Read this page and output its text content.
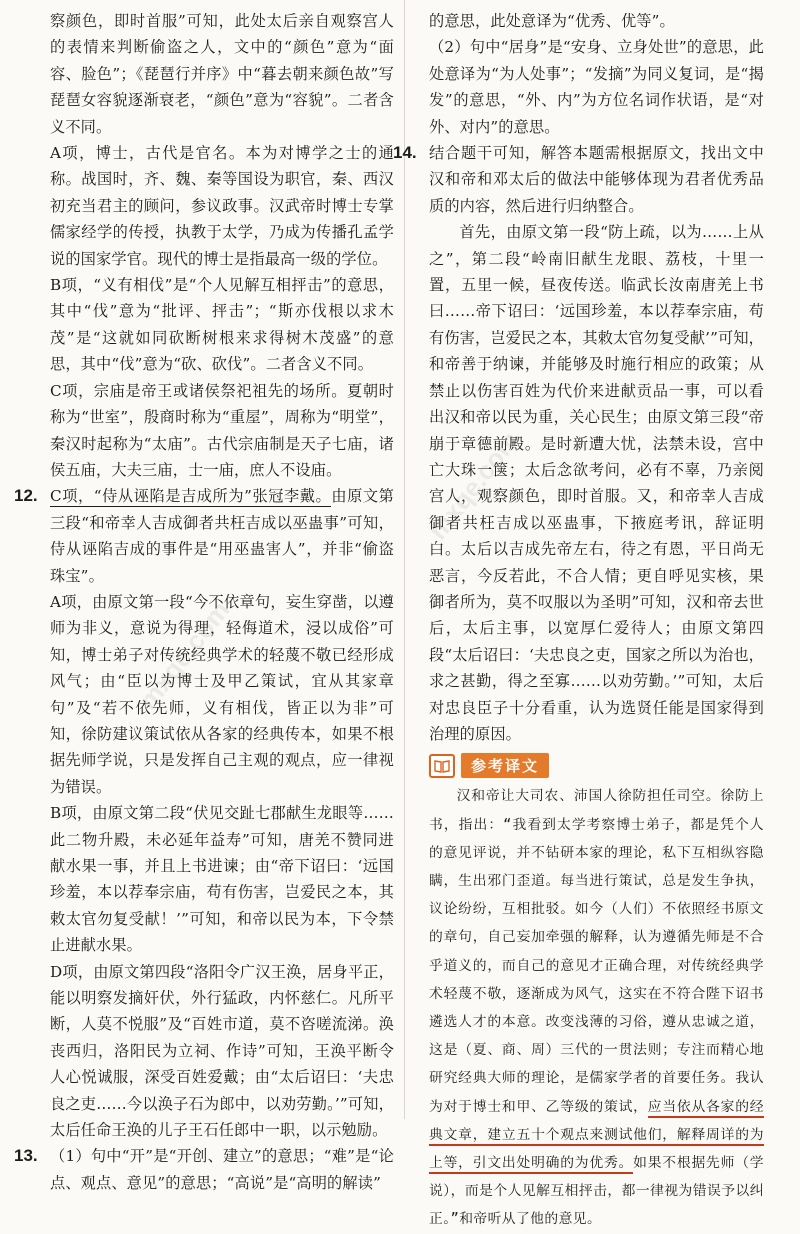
mxqe.com
mxqe.com

察颜色，即时首服”可知，此处太后亲自观察宫人的表情来判断偷盗之人，文中的“颜色”意为“面容、脸色”；《琵琶行并序》中“暮去朝来颜色故”写琵琶女容貌逐渐衰老，“颜色”意为“容貌”。二者含义不同。

A项，博士，古代是官名。本为对博学之士的通称。战国时，齐、魏、秦等国设为职官，秦、西汉初充当君主的顾问，参议政事。汉武帝时博士专掌儒家经学的传授，执教于太学，乃成为传播孔孟学说的国家学官。现代的博士是指最高一级的学位。

B项，“义有相伐”是“个人见解互相抨击”的意思，其中“伐”意为“批评、抨击”；“斯亦伐根以求木茂”是“这就如同砍断树根来求得树木茂盛”的意思，其中“伐”意为“砍、砍伐”。二者含义不同。

C项，宗庙是帝王或诸侯祭祀祖先的场所。夏朝时称为“世室”，殷商时称为“重屋”，周称为“明堂”，秦汉时起称为“太庙”。古代宗庙制是天子七庙，诸侯五庙，大夫三庙，士一庙，庶人不设庙。

12. C项，“侍从诬陷是吉成所为”张冠李戴。由原文第三段“和帝幸人吉成御者共枉吉成以巫蛊事”可知，侍从诬陷吉成的事件是“用巫蛊害人”，并非“偷盗珠宝”。

A项，由原文第一段“今不依章句，妄生穿凿，以遵师为非义，意说为得理，轻侮道术，浸以成俗”可知，博士弟子对传统经典学术的轻蔑不敬已经形成风气；由“臣以为博士及甲乙策试，宜从其家章句”及“若不依先师，义有相伐，皆正以为非”可知，徐防建议策试依从各家的经典传本，如果不根据先师学说，只是发挥自己主观的观点，应一律视为错误。

B项，由原文第二段“伏见交趾七郡献生龙眼等……此二物升殿，未必延年益寿”可知，唐羌不赞同进献水果一事，并且上书进谏；由“帝下诏曰：‘远国珍羞，本以荐奉宗庙，苟有伤害，岂爱民之本，其敕太官勿复受献！’”可知，和帝以民为本，下令禁止进献水果。

D项，由原文第四段“洛阳令广汉王涣，居身平正，能以明察发摘奸伏，外行猛政，内怀慈仁。凡所平断，人莫不悦服”及“百姓市道，莫不咨嗟流涕。涣丧西归，洛阳民为立祠、作诗”可知，王涣平断令人心悦诚服，深受百姓爱戴；由“太后诏曰：‘夫忠良之吏……今以涣子石为郎中，以劝劳勤。’”可知，太后任命王涣的儿子王石任郎中一职，以示勉励。

13. （1）句中“开”是“开创、建立”的意思；“难”是“论点、观点、意见”的意思；“高说”是“高明的解读”

的意思，此处意译为“优秀、优等”。

（2）句中“居身”是“安身、立身处世”的意思，此处意译为“为人处事”；“发摘”为同义复词，是“揭发”的意思，“外、内”为方位名词作状语，是“对外、对内”的意思。

14. 结合题干可知，解答本题需根据原文，找出文中汉和帝和邓太后的做法中能够体现为君者优秀品质的内容，然后进行归纳整合。

首先，由原文第一段“防上疏，以为……上从之”，第二段“岭南旧献生龙眼、荔枝，十里一置，五里一候，昼夜传送。临武长汝南唐羌上书曰……帝下诏曰：‘远国珍羞，本以荐奉宗庙，苟有伤害，岂爱民之本，其敕太官勿复受献’”可知，和帝善于纳谏，并能够及时施行相应的政策；从禁止以伤害百姓为代价来进献贡品一事，可以看出汉和帝以民为重，关心民生；由原文第三段“帝崩于章德前殿。是时新遭大忧，法禁未设，宫中亡大珠一箧；太后念欲考问，必有不辜，乃亲阅宫人，观察颜色，即时首服。又，和帝幸人吉成御者共枉吉成以巫蛊事，下掖庭考讯，辞证明白。太后以吉成先帝左右，待之有恩，平日尚无恶言，今反若此，不合人情；更自呼见实核，果御者所为，莫不叹服以为圣明”可知，汉和帝去世后，太后主事，以宽厚仁爱待人；由原文第四段“太后诏曰：‘夫忠良之吏，国家之所以为治也，求之甚勤，得之至寡……以劝劳勤。’”可知，太后对忠良臣子十分看重，认为选贤任能是国家得到治理的原因。

参考译文

汉和帝让大司农、沛国人徐防担任司空。徐防上书，指出：“我看到太学考察博士弟子，都是凭个人的意见评说，并不钻研本家的理论，私下互相纵容隐瞒，生出邪门歪道。每当进行策试，总是发生争执，议论纷纷，互相批驳。如今（人们）不依照经书原文的章句，自己妄加牵强的解释，认为遵循先师是不合乎道义的，而自己的意见才正确合理，对传统经典学术轻蔑不敬，逐渐成为风气，这实在不符合陛下诏书遴选人才的本意。改变浅薄的习俗，遵从忠诚之道，这是（夏、商、周）三代的一贯法则；专注而精心地研究经典大师的理论，是儒家学者的首要任务。我认为对于博士和甲、乙等级的策试，应当依从各家的经典文章，建立五十个观点来测试他们，解释周详的为上等，引文出处明确的为优秀。如果不根据先师（学说），而是个人见解互相抨击，都一律视为错误予以纠正。”和帝听从了他的意见。
